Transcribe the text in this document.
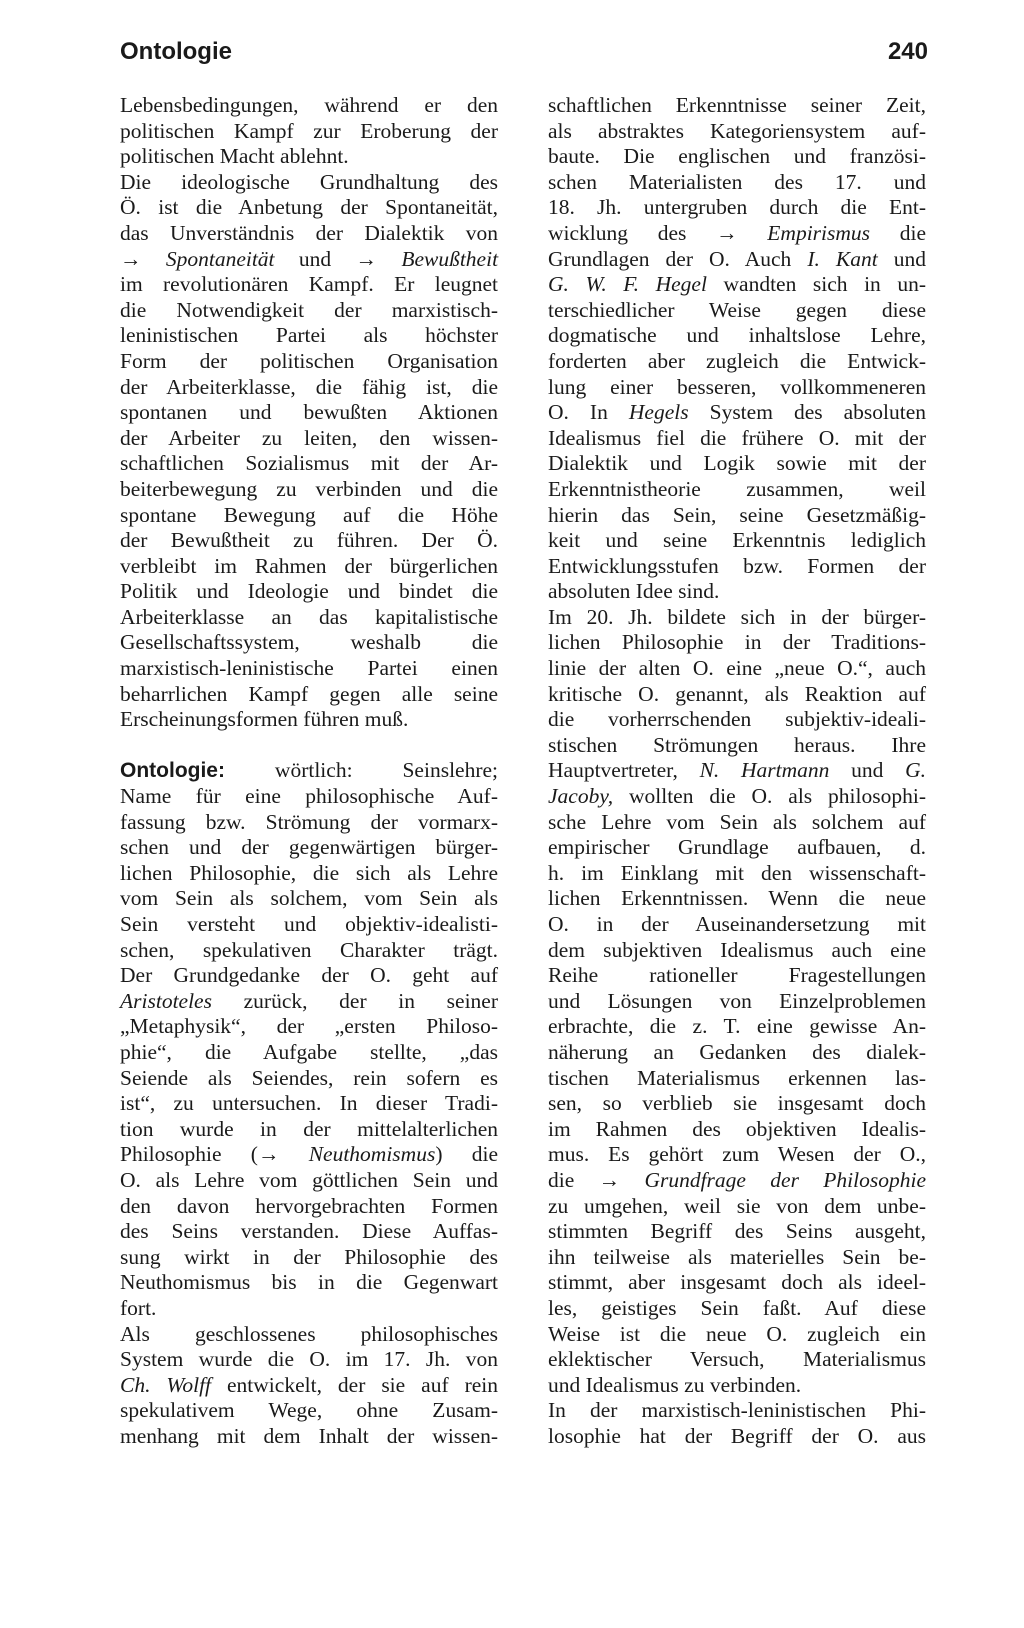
Ontologie	240
Lebensbedingungen, während er den
politischen Kampf zur Eroberung der
politischen Macht ablehnt.
Die ideologische Grundhaltung des
Ö. ist die Anbetung der Spontaneität,
das Unverständnis der Dialektik von
→ Spontaneität und → Bewußtheit
im revolutionären Kampf. Er leugnet
die Notwendigkeit der marxistisch-
leninistischen Partei als höchster
Form der politischen Organisation
der Arbeiterklasse, die fähig ist, die
spontanen und bewußten Aktionen
der Arbeiter zu leiten, den wissen-
schaftlichen Sozialismus mit der Ar-
beiterbewegung zu verbinden und die
spontane Bewegung auf die Höhe
der Bewußtheit zu führen. Der Ö.
verbleibt im Rahmen der bürgerlichen
Politik und Ideologie und bindet die
Arbeiterklasse an das kapitalistische
Gesellschaftssystem, weshalb die
marxistisch-leninistische Partei einen
beharrlichen Kampf gegen alle seine
Erscheinungsformen führen muß.
Ontologie: wörtlich: Seinslehre;
Name für eine philosophische Auf-
fassung bzw. Strömung der vormarx-
schen und der gegenwärtigen bürger-
lichen Philosophie, die sich als Lehre
vom Sein als solchem, vom Sein als
Sein versteht und objektiv-idealisti-
schen, spekulativen Charakter trägt.
Der Grundgedanke der O. geht auf
Aristoteles zurück, der in seiner
„Metaphysik“, der „ersten Philoso-
phie“, die Aufgabe stellte, „das
Seiende als Seiendes, rein sofern es
ist“, zu untersuchen. In dieser Tradi-
tion wurde in der mittelalterlichen
Philosophie (→ Neuthomismus) die
O. als Lehre vom göttlichen Sein und
den davon hervorgebrachten Formen
des Seins verstanden. Diese Auffas-
sung wirkt in der Philosophie des
Neuthomismus bis in die Gegenwart
fort.
Als geschlossenes philosophisches
System wurde die O. im 17. Jh. von
Ch. Wolff entwickelt, der sie auf rein
spekulativem Wege, ohne Zusam-
menhang mit dem Inhalt der wissen-
schaftlichen Erkenntnisse seiner Zeit,
als abstraktes Kategoriensystem auf-
baute. Die englischen und französi-
schen Materialisten des 17. und
18. Jh. untergruben durch die Ent-
wicklung des → Empirismus die
Grundlagen der O. Auch I. Kant und
G. W. F. Hegel wandten sich in un-
terschiedlicher Weise gegen diese
dogmatische und inhaltslose Lehre,
forderten aber zugleich die Entwick-
lung einer besseren, vollkommeneren
O. In Hegels System des absoluten
Idealismus fiel die frühere O. mit der
Dialektik und Logik sowie mit der
Erkenntnistheorie zusammen, weil
hierin das Sein, seine Gesetzmäßig-
keit und seine Erkenntnis lediglich
Entwicklungsstufen bzw. Formen der
absoluten Idee sind.
Im 20. Jh. bildete sich in der bürger-
lichen Philosophie in der Traditions-
linie der alten O. eine „neue O.“, auch
kritische O. genannt, als Reaktion auf
die vorherrschenden subjektiv-ideali-
stischen Strömungen heraus. Ihre
Hauptvertreter, N. Hartmann und G.
Jacoby, wollten die O. als philosophi-
sche Lehre vom Sein als solchem auf
empirischer Grundlage aufbauen, d.
h. im Einklang mit den wissenschaft-
lichen Erkenntnissen. Wenn die neue
O. in der Auseinandersetzung mit
dem subjektiven Idealismus auch eine
Reihe rationeller Fragestellungen
und Lösungen von Einzelproblemen
erbrachte, die z. T. eine gewisse An-
näherung an Gedanken des dialek-
tischen Materialismus erkennen las-
sen, so verblieb sie insgesamt doch
im Rahmen des objektiven Idealis-
mus. Es gehört zum Wesen der O.,
die → Grundfrage der Philosophie
zu umgehen, weil sie von dem unbe-
stimmten Begriff des Seins ausgeht,
ihn teilweise als materielles Sein be-
stimmt, aber insgesamt doch als ideel-
les, geistiges Sein faßt. Auf diese
Weise ist die neue O. zugleich ein
eklektischer Versuch, Materialismus
und Idealismus zu verbinden.
In der marxistisch-leninistischen Phi-
losophie hat der Begriff der O. aus
